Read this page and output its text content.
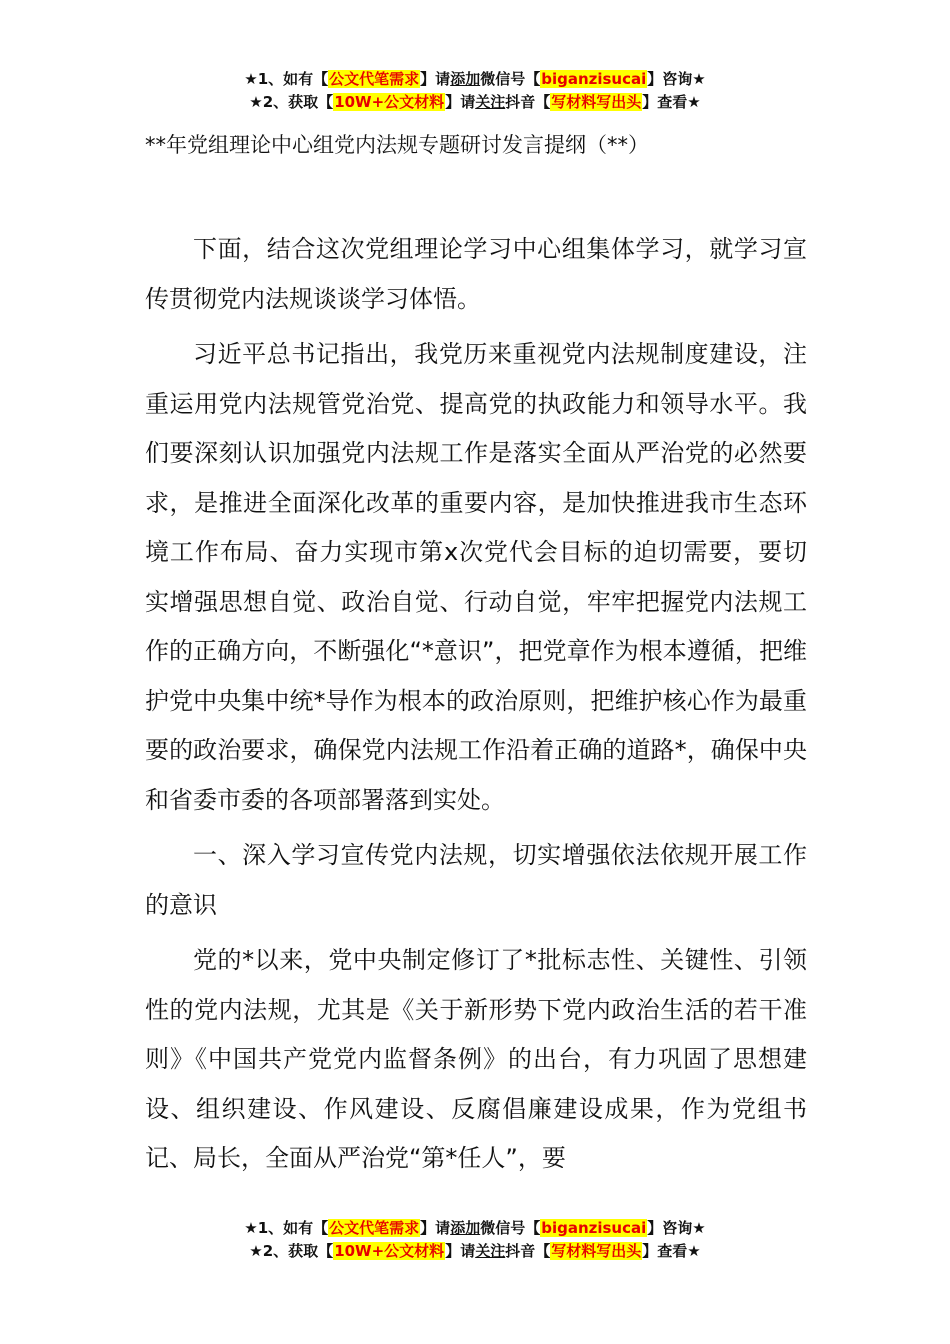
★1、如有【公文代笔需求】请添加微信号【biganzisucai】咨询★
★2、获取【10W+公文材料】请关注抖音【写材料写出头】查看★
**年党组理论中心组党内法规专题研讨发言提纲（**）

下面，结合这次党组理论学习中心组集体学习，就学习宣传贯彻党内法规谈谈学习体悟。

习近平总书记指出，我党历来重视党内法规制度建设，注重运用党内法规管党治党、提高党的执政能力和领导水平。我们要深刻认识加强党内法规工作是落实全面从严治党的必然要求，是推进全面深化改革的重要内容，是加快推进我市生态环境工作布局、奋力实现市第x次党代会目标的迫切需要，要切实增强思想自觉、政治自觉、行动自觉，牢牢把握党内法规工作的正确方向，不断强化“*意识”，把党章作为根本遵循，把维护党中央集中统*导作为根本的政治原则，把维护核心作为最重要的政治要求，确保党内法规工作沿着正确的道路*，确保中央和省委市委的各项部署落到实处。

一、深入学习宣传党内法规，切实增强依法依规开展工作的意识

党的*以来，党中央制定修订了*批标志性、关键性、引领性的党内法规，尤其是《关于新形势下党内政治生活的若干准则》《中国共产党党内监督条例》的出台，有力巩固了思想建设、组织建设、作风建设、反腐倡廉建设成果，作为党组书记、局长，全面从严治党“第*任人”，要

★1、如有【公文代笔需求】请添加微信号【biganzisucai】咨询★
★2、获取【10W+公文材料】请关注抖音【写材料写出头】查看★
